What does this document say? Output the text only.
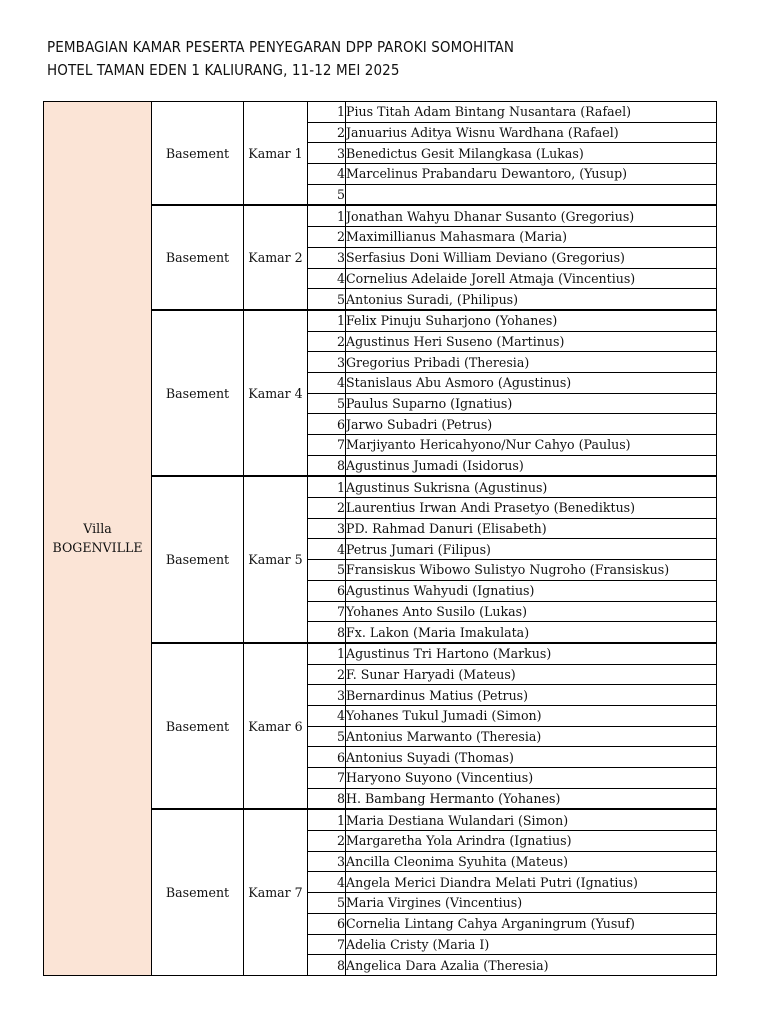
PEMBAGIAN KAMAR PESERTA PENYEGARAN DPP PAROKI SOMOHITAN
HOTEL TAMAN EDEN 1 KALIURANG, 11-12 MEI 2025
Villa
BOGENVILLE	Basement	Kamar 1	1	Pius Titah Adam Bintang Nusantara (Rafael)
			2	Januarius Aditya Wisnu Wardhana (Rafael)
			3	Benedictus Gesit Milangkasa (Lukas)
			4	Marcelinus Prabandaru Dewantoro, (Yusup)
			5	
	Basement	Kamar 2	1	Jonathan Wahyu Dhanar Susanto (Gregorius)
			2	Maximillianus Mahasmara (Maria)
			3	Serfasius Doni William Deviano (Gregorius)
			4	Cornelius Adelaide Jorell Atmaja (Vincentius)
			5	Antonius Suradi, (Philipus)
	Basement	Kamar 4	1	Felix Pinuju Suharjono (Yohanes)
			2	Agustinus Heri Suseno (Martinus)
			3	Gregorius Pribadi (Theresia)
			4	Stanislaus Abu Asmoro (Agustinus)
			5	Paulus Suparno (Ignatius)
			6	Jarwo Subadri (Petrus)
			7	Marjiyanto Hericahyono/Nur Cahyo (Paulus)
			8	Agustinus Jumadi (Isidorus)
	Basement	Kamar 5	1	Agustinus Sukrisna (Agustinus)
			2	Laurentius Irwan Andi Prasetyo (Benediktus)
			3	PD. Rahmad Danuri (Elisabeth)
			4	Petrus Jumari (Filipus)
			5	Fransiskus Wibowo Sulistyo Nugroho (Fransiskus)
			6	Agustinus Wahyudi (Ignatius)
			7	Yohanes Anto Susilo (Lukas)
			8	Fx. Lakon (Maria Imakulata)
	Basement	Kamar 6	1	Agustinus Tri Hartono (Markus)
			2	F. Sunar Haryadi (Mateus)
			3	Bernardinus Matius (Petrus)
			4	Yohanes Tukul Jumadi (Simon)
			5	Antonius Marwanto (Theresia)
			6	Antonius Suyadi (Thomas)
			7	Haryono Suyono (Vincentius)
			8	H. Bambang Hermanto (Yohanes)
	Basement	Kamar 7	1	Maria Destiana Wulandari (Simon)
			2	Margaretha Yola Arindra (Ignatius)
			3	Ancilla Cleonima Syuhita (Mateus)
			4	Angela Merici Diandra Melati Putri (Ignatius)
			5	Maria Virgines (Vincentius)
			6	Cornelia Lintang Cahya Arganingrum (Yusuf)
			7	Adelia Cristy (Maria I)
			8	Angelica Dara Azalia (Theresia)
